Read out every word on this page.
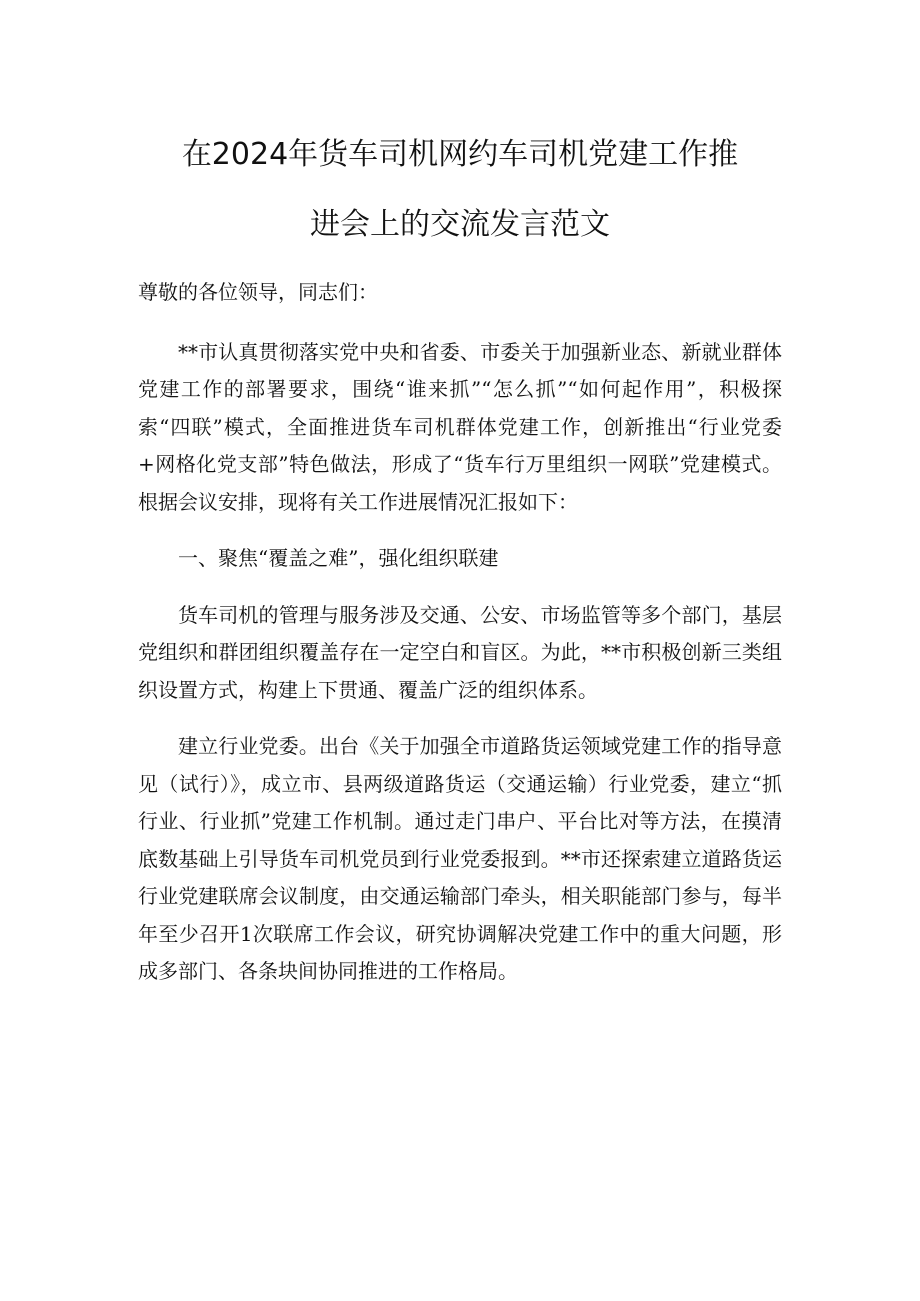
在2024年货车司机网约车司机党建工作推
进会上的交流发言范文

尊敬的各位领导，同志们：

**市认真贯彻落实党中央和省委、市委关于加强新业态、新就业群体党建工作的部署要求，围绕“谁来抓”“怎么抓”“如何起作用”，积极探索“四联”模式，全面推进货车司机群体党建工作，创新推出“行业党委+网格化党支部”特色做法，形成了“货车行万里组织一网联”党建模式。根据会议安排，现将有关工作进展情况汇报如下：

一、聚焦“覆盖之难”，强化组织联建

货车司机的管理与服务涉及交通、公安、市场监管等多个部门，基层党组织和群团组织覆盖存在一定空白和盲区。为此，**市积极创新三类组织设置方式，构建上下贯通、覆盖广泛的组织体系。

建立行业党委。出台《关于加强全市道路货运领域党建工作的指导意见（试行）》，成立市、县两级道路货运（交通运输）行业党委，建立“抓行业、行业抓”党建工作机制。通过走门串户、平台比对等方法，在摸清底数基础上引导货车司机党员到行业党委报到。**市还探索建立道路货运行业党建联席会议制度，由交通运输部门牵头，相关职能部门参与，每半年至少召开1次联席工作会议，研究协调解决党建工作中的重大问题，形成多部门、各条块间协同推进的工作格局。
